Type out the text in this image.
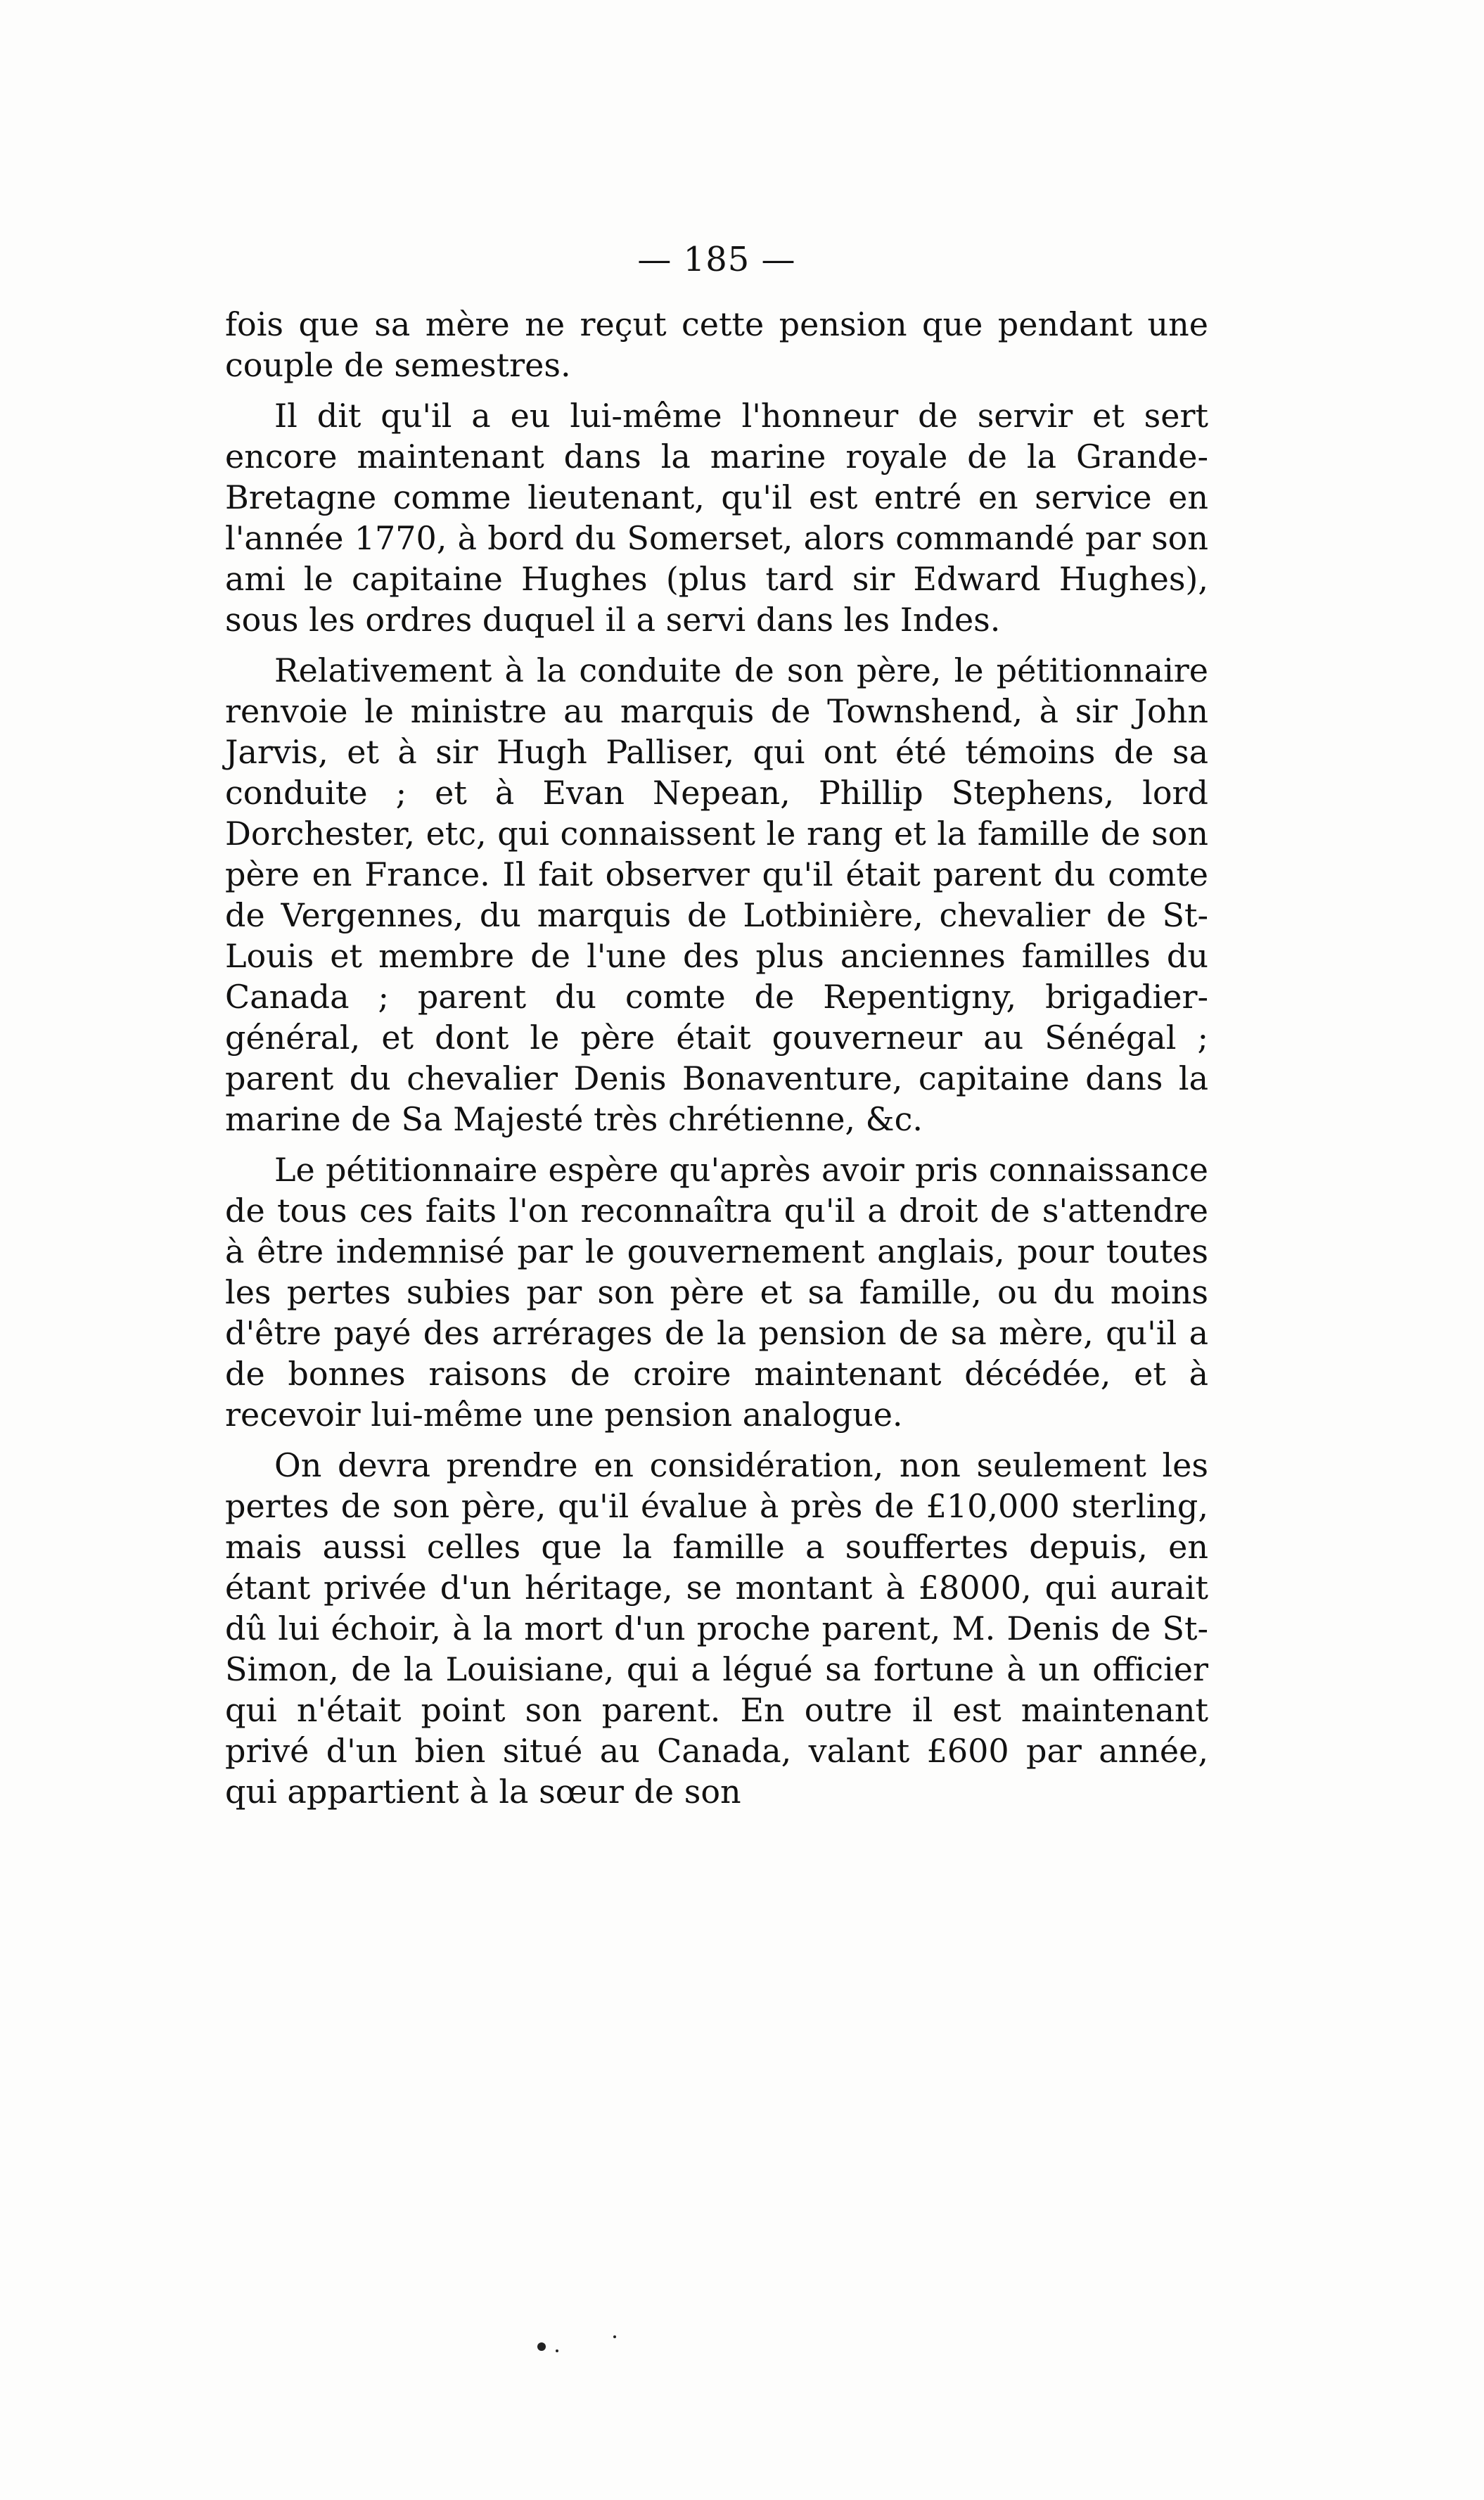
— 185 —

fois que sa mère ne reçut cette pension que pendant une couple de semestres.

Il dit qu'il a eu lui-même l'honneur de servir et sert encore maintenant dans la marine royale de la Grande-Bretagne comme lieutenant, qu'il est entré en service en l'année 1770, à bord du Somerset, alors commandé par son ami le capitaine Hughes (plus tard sir Edward Hughes), sous les ordres duquel il a servi dans les Indes.

Relativement à la conduite de son père, le pétitionnaire renvoie le ministre au marquis de Townshend, à sir John Jarvis, et à sir Hugh Palliser, qui ont été témoins de sa conduite ; et à Evan Nepean, Phillip Stephens, lord Dorchester, etc, qui connaissent le rang et la famille de son père en France. Il fait observer qu'il était parent du comte de Vergennes, du marquis de Lotbinière, chevalier de St-Louis et membre de l'une des plus anciennes familles du Canada ; parent du comte de Repentigny, brigadier-général, et dont le père était gouverneur au Sénégal ; parent du chevalier Denis Bonaventure, capitaine dans la marine de Sa Majesté très chrétienne, &c.

Le pétitionnaire espère qu'après avoir pris connaissance de tous ces faits l'on reconnaîtra qu'il a droit de s'attendre à être indemnisé par le gouvernement anglais, pour toutes les pertes subies par son père et sa famille, ou du moins d'être payé des arrérages de la pension de sa mère, qu'il a de bonnes raisons de croire maintenant décédée, et à recevoir lui-même une pension analogue.

On devra prendre en considération, non seulement les pertes de son père, qu'il évalue à près de £10,000 sterling, mais aussi celles que la famille a souffertes depuis, en étant privée d'un héritage, se montant à £8000, qui aurait dû lui échoir, à la mort d'un proche parent, M. Denis de St-Simon, de la Louisiane, qui a légué sa fortune à un officier qui n'était point son parent. En outre il est maintenant privé d'un bien situé au Canada, valant £600 par année, qui appartient à la sœur de son
